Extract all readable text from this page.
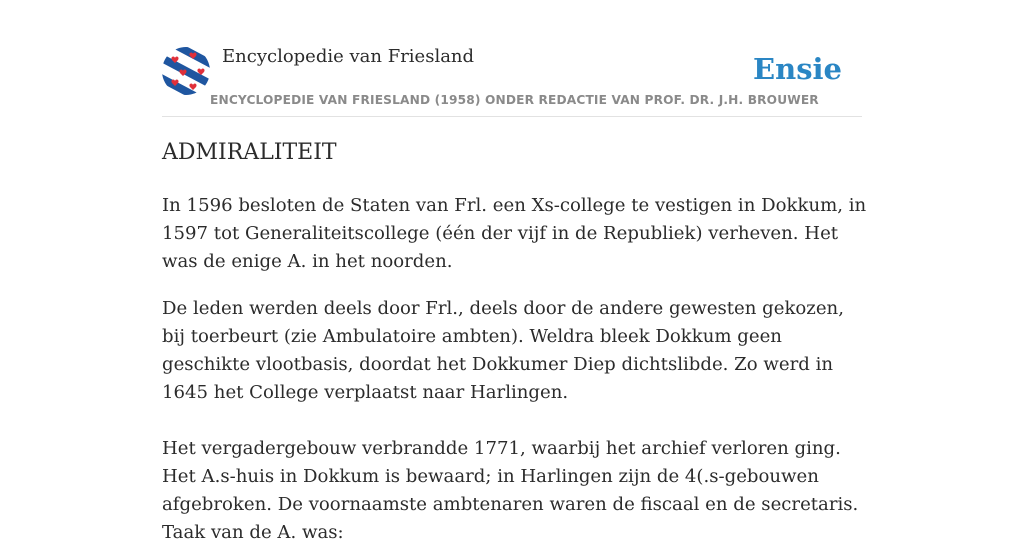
Encyclopedie van Friesland	Ensie
ENCYCLOPEDIE VAN FRIESLAND (1958) ONDER REDACTIE VAN PROF. DR. J.H. BROUWER
ADMIRALITEIT

In 1596 besloten de Staten van Frl. een Xs-college te vestigen in Dokkum, in 1597 tot Generaliteitscollege (één der vijf in de Republiek) verheven. Het was de enige A. in het noorden.

De leden werden deels door Frl., deels door de andere gewesten gekozen, bij toerbeurt (zie Ambulatoire ambten). Weldra bleek Dokkum geen geschikte vlootbasis, doordat het Dokkumer Diep dichtslibde. Zo werd in 1645 het College verplaatst naar Harlingen.

Het vergadergebouw verbrandde 1771, waarbij het archief verloren ging. Het A.s-huis in Dokkum is bewaard; in Harlingen zijn de 4(.s-gebouwen afgebroken. De voornaamste ambtenaren waren de fiscaal en de secretaris. Taak van de A. was:
